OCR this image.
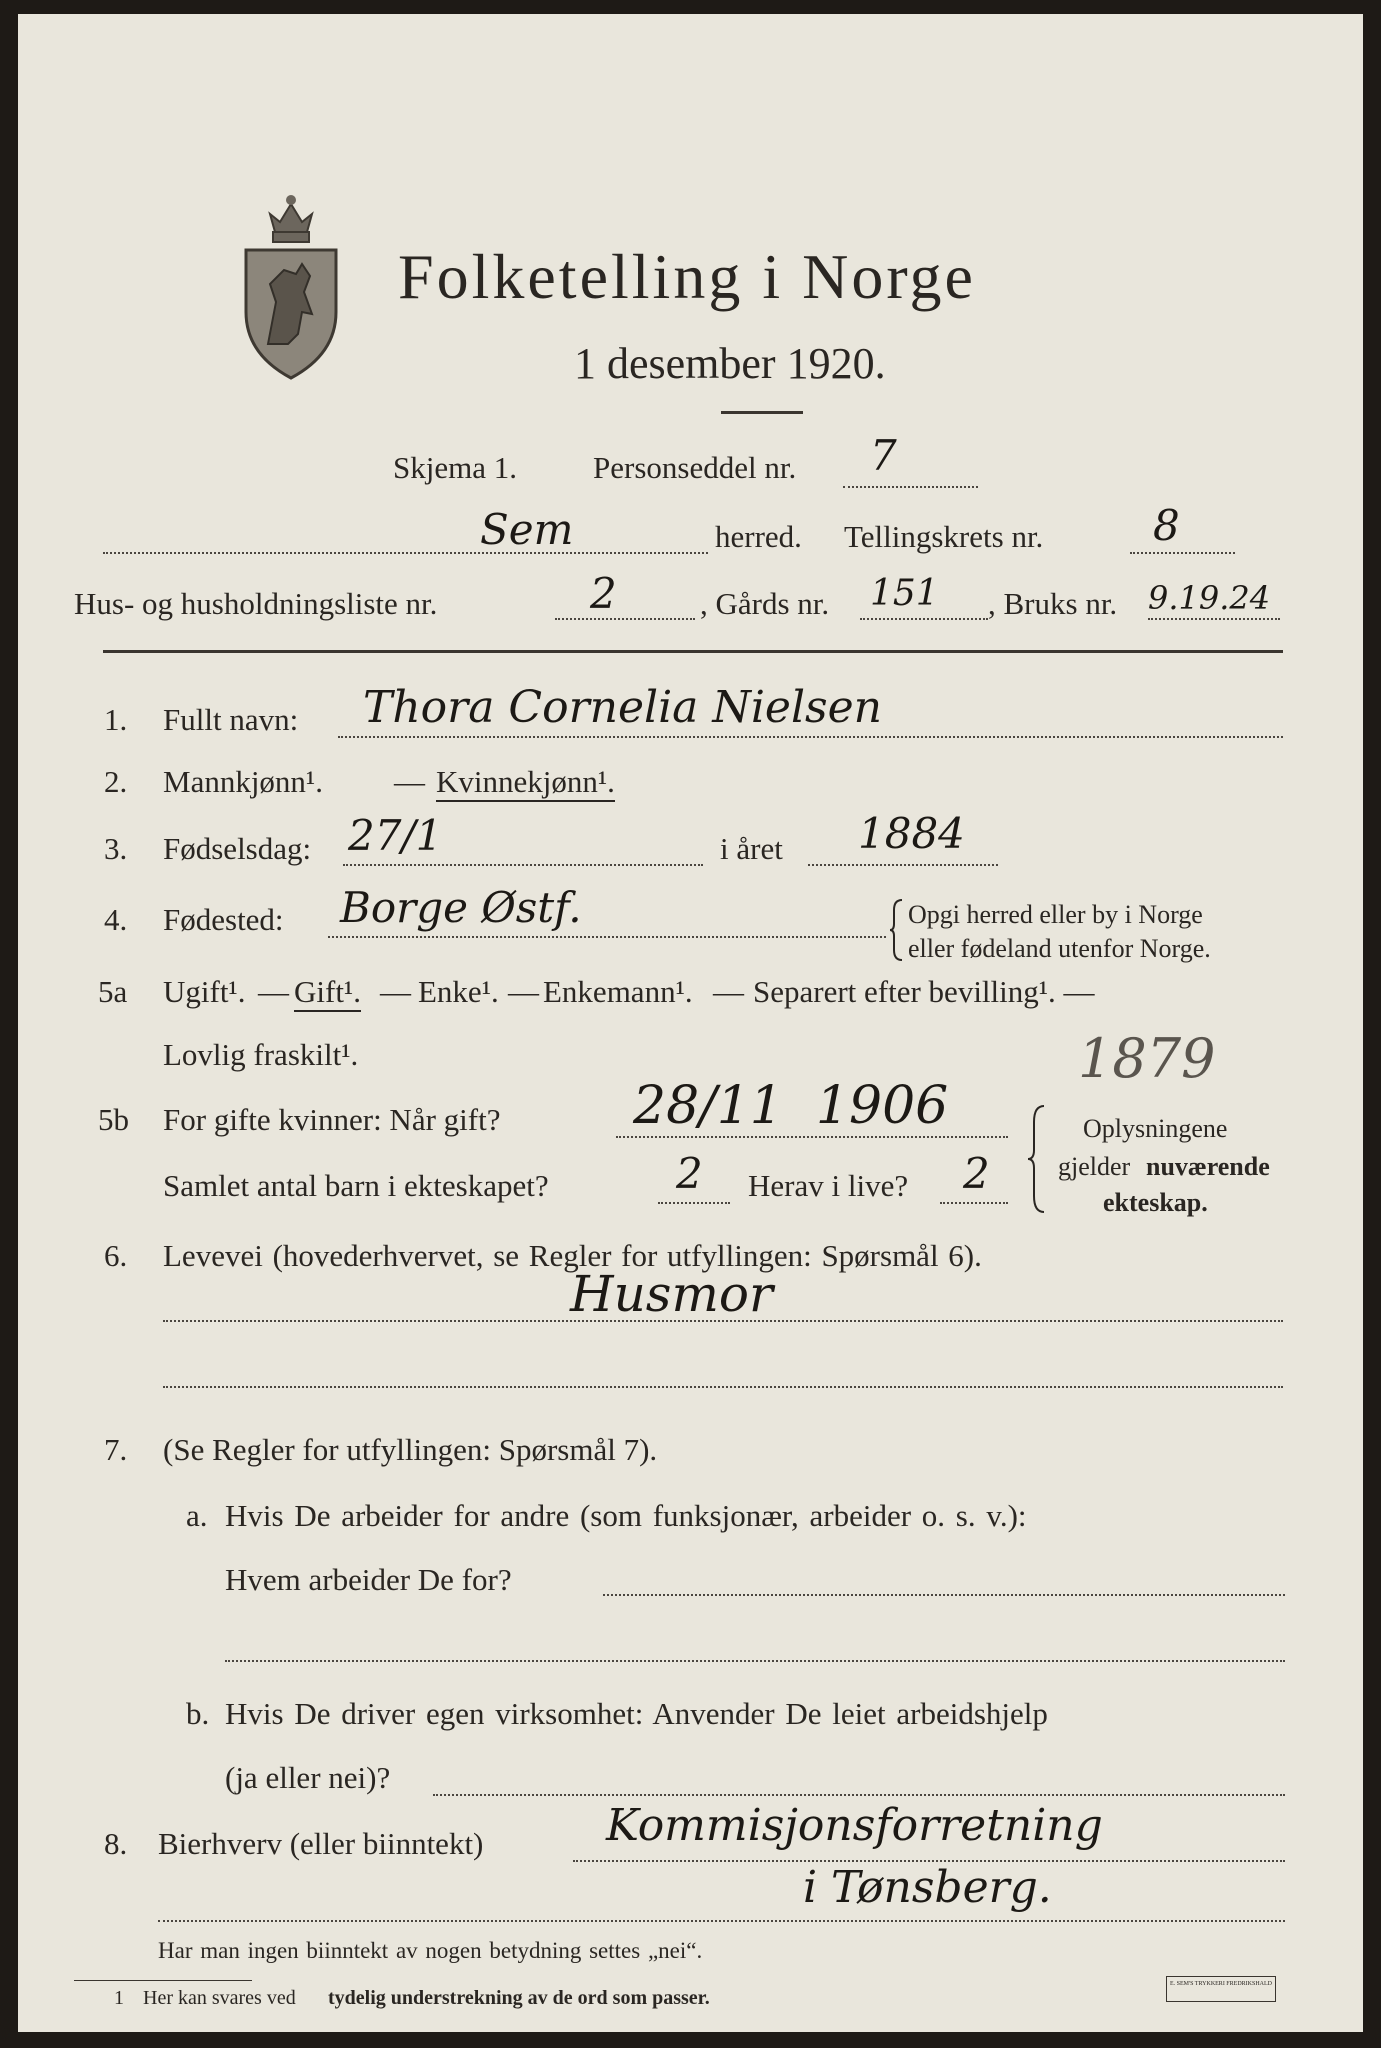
Folketelling i Norge
1 desember 1920.
Skjema 1. Personseddel nr. 7
Sem	herred. Tellingskrets nr.	8
Hus- og husholdningsliste nr.	2	, Gårds nr. 151 , Bruks nr. 9.19.24
1. Fullt navn: Thora Cornelia Nielsen
2. Mannkjønn¹. — Kvinnekjønn¹.
3. Fødselsdag: 27/1	i året 1884
4. Fødested: Borge Østf.	Opgi herred eller by i Norge
eller fødeland utenfor Norge.
5a Ugift¹. — Gift¹. — Enke¹. — Enkemann¹. — Separert efter bevilling¹. —
Lovlig fraskilt¹.	1879
5b For gifte kvinner: Når gift?	28/11  1906
Samlet antal barn i ekteskapet?	2 Herav i live? 2
Oplysningene
gjelder nuværende
ekteskap.
6. Levevei (hovederhvervet, se Regler for utfyllingen: Spørsmål 6).
Husmor
7. (Se Regler for utfyllingen: Spørsmål 7).
a. Hvis De arbeider for andre (som funksjonær, arbeider o. s. v.):
Hvem arbeider De for?
b. Hvis De driver egen virksomhet: Anvender De leiet arbeidshjelp
(ja eller nei)?
8. Bierhverv (eller biinntekt)	Kommisjonsforretning
i Tønsberg.
Har man ingen biinntekt av nogen betydning settes „nei“.
1 Her kan svares ved tydelig understrekning av de ord som passer.
E. SEM'S TRYKKERI FREDRIKSHALD
